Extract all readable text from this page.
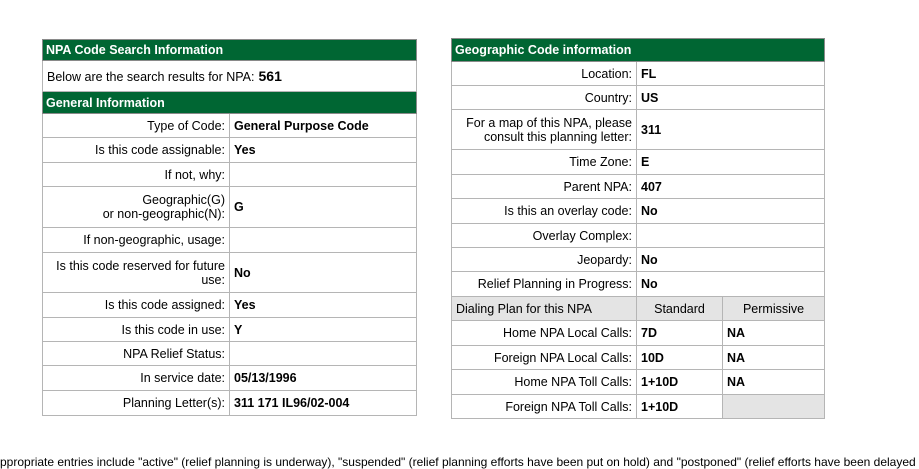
NPA Code Search Information	
Below are the search results for NPA: 561	
General Information	
Type of Code:	General Purpose Code
Is this code assignable:	Yes
If not, why:	
Geographic(G)
or non-geographic(N):	G
If non-geographic, usage:	
Is this code reserved for future
use:	No
Is this code assigned:	Yes
Is this code in use:	Y
NPA Relief Status:	
In service date:	05/13/1996
Planning Letter(s):	311 171 IL96/02-004
Geographic Code information		
Location:	FL	
Country:	US	
For a map of this NPA, please
consult this planning letter:	311	
Time Zone:	E	
Parent NPA:	407	
Is this an overlay code:	No	
Overlay Complex:		
Jeopardy:	No	
Relief Planning in Progress:	No	
Dialing Plan for this NPA	Standard	Permissive
Home NPA Local Calls:	7D	NA
Foreign NPA Local Calls:	10D	NA
Home NPA Toll Calls:	1+10D	NA
Foreign NPA Toll Calls:	1+10D	
ppropriate entries include "active" (relief planning is underway), "suspended" (relief planning efforts have been put on hold) and "postponed" (relief efforts have been delayed
